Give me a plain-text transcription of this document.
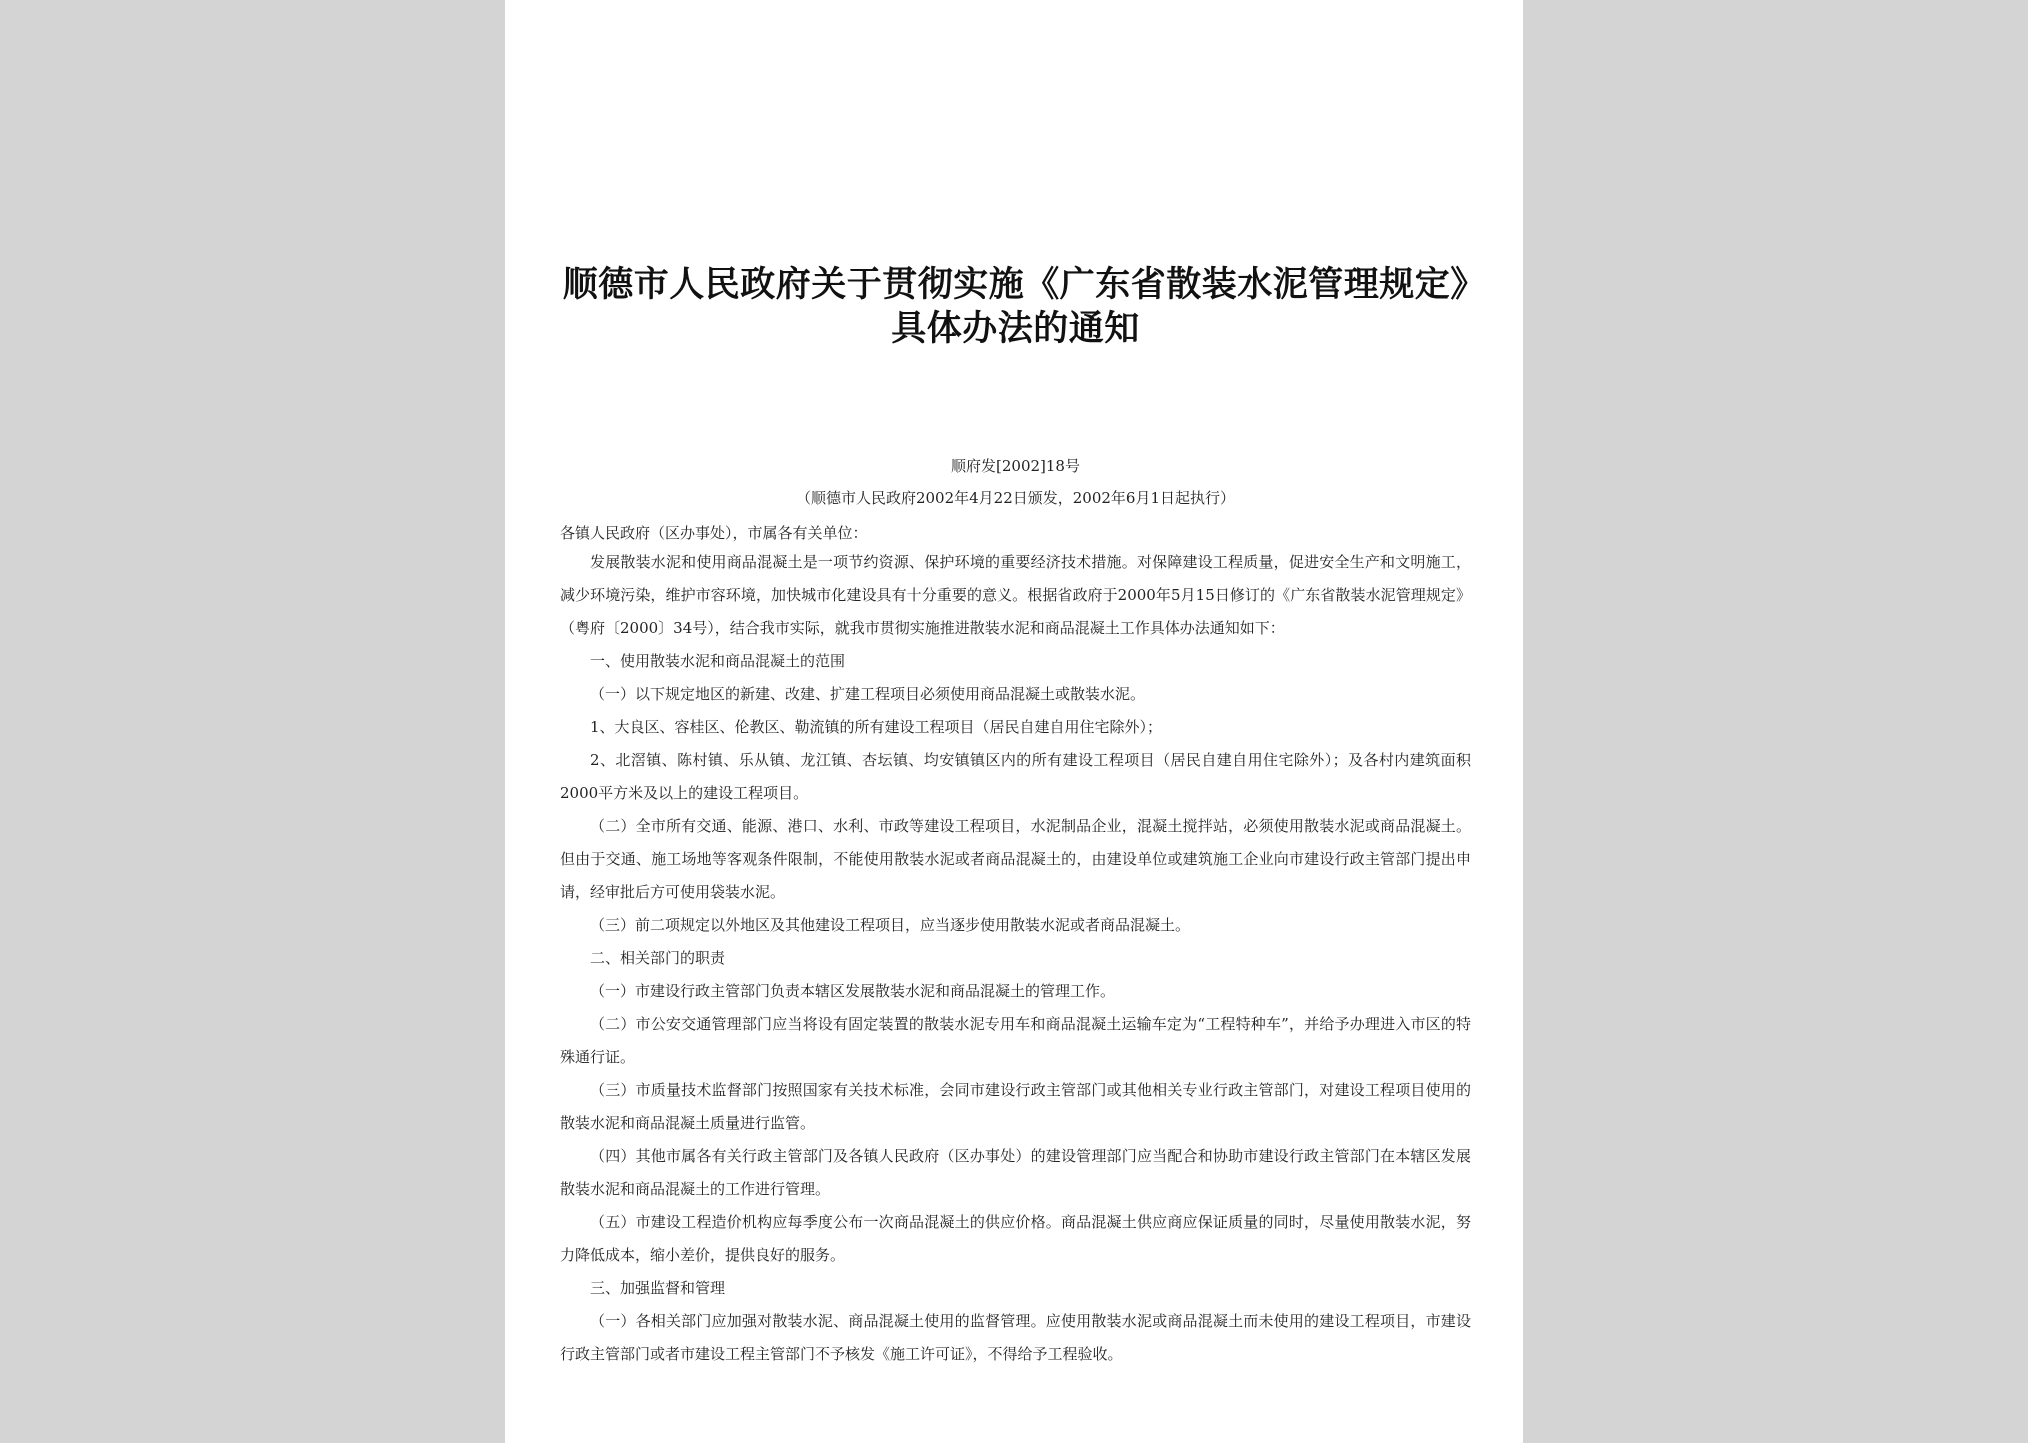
顺德市人民政府关于贯彻实施《广东省散装水泥管理规定》具体办法的通知
顺府发[2002]18号
（顺德市人民政府2002年4月22日颁发，2002年6月1日起执行）

各镇人民政府（区办事处），市属各有关单位：

发展散装水泥和使用商品混凝土是一项节约资源、保护环境的重要经济技术措施。对保障建设工程质量，促进安全生产和文明施工，减少环境污染，维护市容环境，加快城市化建设具有十分重要的意义。根据省政府于2000年5月15日修订的《广东省散装水泥管理规定》（粤府〔2000〕34号），结合我市实际，就我市贯彻实施推进散装水泥和商品混凝土工作具体办法通知如下：

一、使用散装水泥和商品混凝土的范围

（一）以下规定地区的新建、改建、扩建工程项目必须使用商品混凝土或散装水泥。

1、大良区、容桂区、伦教区、勒流镇的所有建设工程项目（居民自建自用住宅除外）；

2、北滘镇、陈村镇、乐从镇、龙江镇、杏坛镇、均安镇镇区内的所有建设工程项目（居民自建自用住宅除外）；及各村内建筑面积2000平方米及以上的建设工程项目。

（二）全市所有交通、能源、港口、水利、市政等建设工程项目，水泥制品企业，混凝土搅拌站，必须使用散装水泥或商品混凝土。但由于交通、施工场地等客观条件限制，不能使用散装水泥或者商品混凝土的，由建设单位或建筑施工企业向市建设行政主管部门提出申请，经审批后方可使用袋装水泥。

（三）前二项规定以外地区及其他建设工程项目，应当逐步使用散装水泥或者商品混凝土。

二、相关部门的职责

（一）市建设行政主管部门负责本辖区发展散装水泥和商品混凝土的管理工作。

（二）市公安交通管理部门应当将设有固定装置的散装水泥专用车和商品混凝土运输车定为“工程特种车”，并给予办理进入市区的特殊通行证。

（三）市质量技术监督部门按照国家有关技术标准，会同市建设行政主管部门或其他相关专业行政主管部门，对建设工程项目使用的散装水泥和商品混凝土质量进行监管。

（四）其他市属各有关行政主管部门及各镇人民政府（区办事处）的建设管理部门应当配合和协助市建设行政主管部门在本辖区发展散装水泥和商品混凝土的工作进行管理。

（五）市建设工程造价机构应每季度公布一次商品混凝土的供应价格。商品混凝土供应商应保证质量的同时，尽量使用散装水泥，努力降低成本，缩小差价，提供良好的服务。

三、加强监督和管理

（一）各相关部门应加强对散装水泥、商品混凝土使用的监督管理。应使用散装水泥或商品混凝土而未使用的建设工程项目，市建设行政主管部门或者市建设工程主管部门不予核发《施工许可证》，不得给予工程验收。
